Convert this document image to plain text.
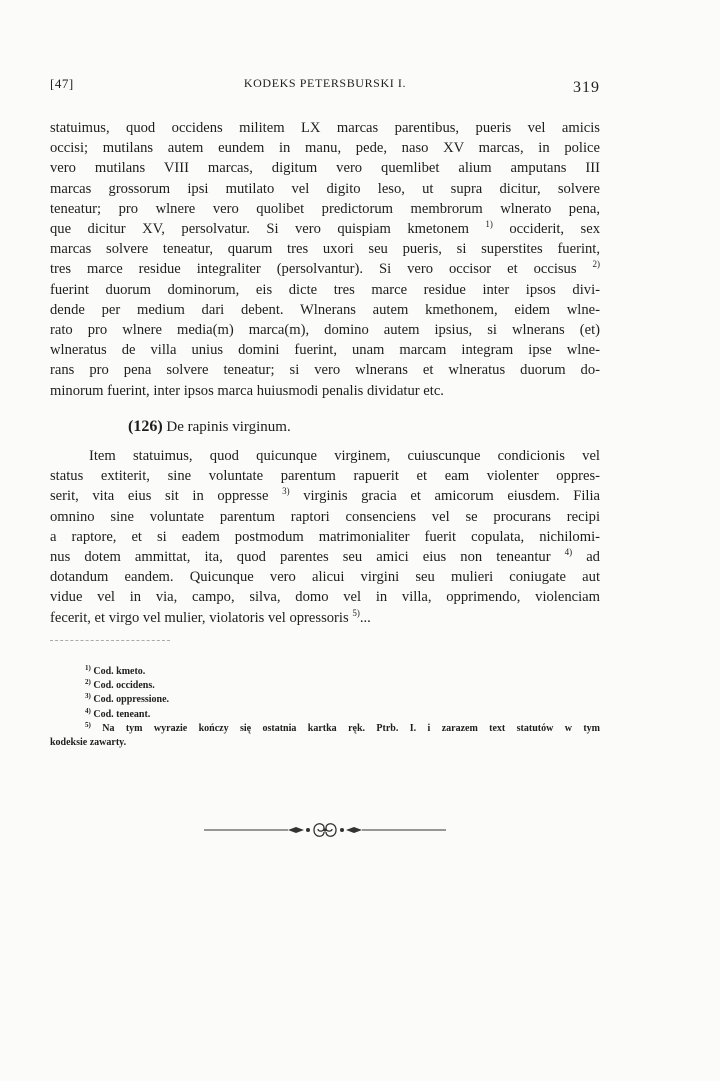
[47]	KODEKS PETERSBURSKI I.	319
statuimus, quod occidens militem LX marcas parentibus, pueris vel amicis
occisi; mutilans autem eundem in manu, pede, naso XV marcas, in police
vero mutilans VIII marcas, digitum vero quemlibet alium amputans III
marcas grossorum ipsi mutilato vel digito leso, ut supra dicitur, solvere
teneatur; pro wlnere vero quolibet predictorum membrorum wlnerato pena,
que dicitur XV, persolvatur. Si vero quispiam kmetonem $^{1)}$ occiderit, sex
marcas solvere teneatur, quarum tres uxori seu pueris, si superstites fuerint,
tres marce residue integraliter (persolvantur). Si vero occisor et occisus $^{2)}$
fuerint duorum dominorum, eis dicte tres marce residue inter ipsos divi-
dende per medium dari debent. Wlnerans autem kmethonem, eidem wlne-
rato pro wlnere media(m) marca(m), domino autem ipsius, si wlnerans (et)
wlneratus de villa unius domini fuerint, unam marcam integram ipse wlne-
rans pro pena solvere teneatur; si vero wlnerans et wlneratus duorum do-
minorum fuerint, inter ipsos marca huiusmodi penalis dividatur etc.
(126) De rapinis virginum.
Item statuimus, quod quicunque virginem, cuiuscunque condicionis vel
status extiterit, sine voluntate parentum rapuerit et eam violenter oppres-
serit, vita eius sit in oppresse $^{3)}$ virginis gracia et amicorum eiusdem. Filia
omnino sine voluntate parentum raptori consenciens vel se procurans recipi
a raptore, et si eadem postmodum matrimonialiter fuerit copulata, nichilomi-
nus dotem ammittat, ita, quod parentes seu amici eius non teneantur $^{4)}$ ad
dotandum eandem. Quicunque vero alicui virgini seu mulieri coniugate aut
vidue vel in via, campo, silva, domo vel in villa, opprimendo, violenciam
fecerit, et virgo vel mulier, violatoris vel opressoris $^{5)}$...
$^{1)}$ Cod. kmeto.
$^{2)}$ Cod. occidens.
$^{3)}$ Cod. oppressione.
$^{4)}$ Cod. teneant.
$^{5)}$ Na tym wyrazie kończy się ostatnia kartka ręk. Ptrb. I. i zarazem text statutów w tym
kodeksie zawarty.
